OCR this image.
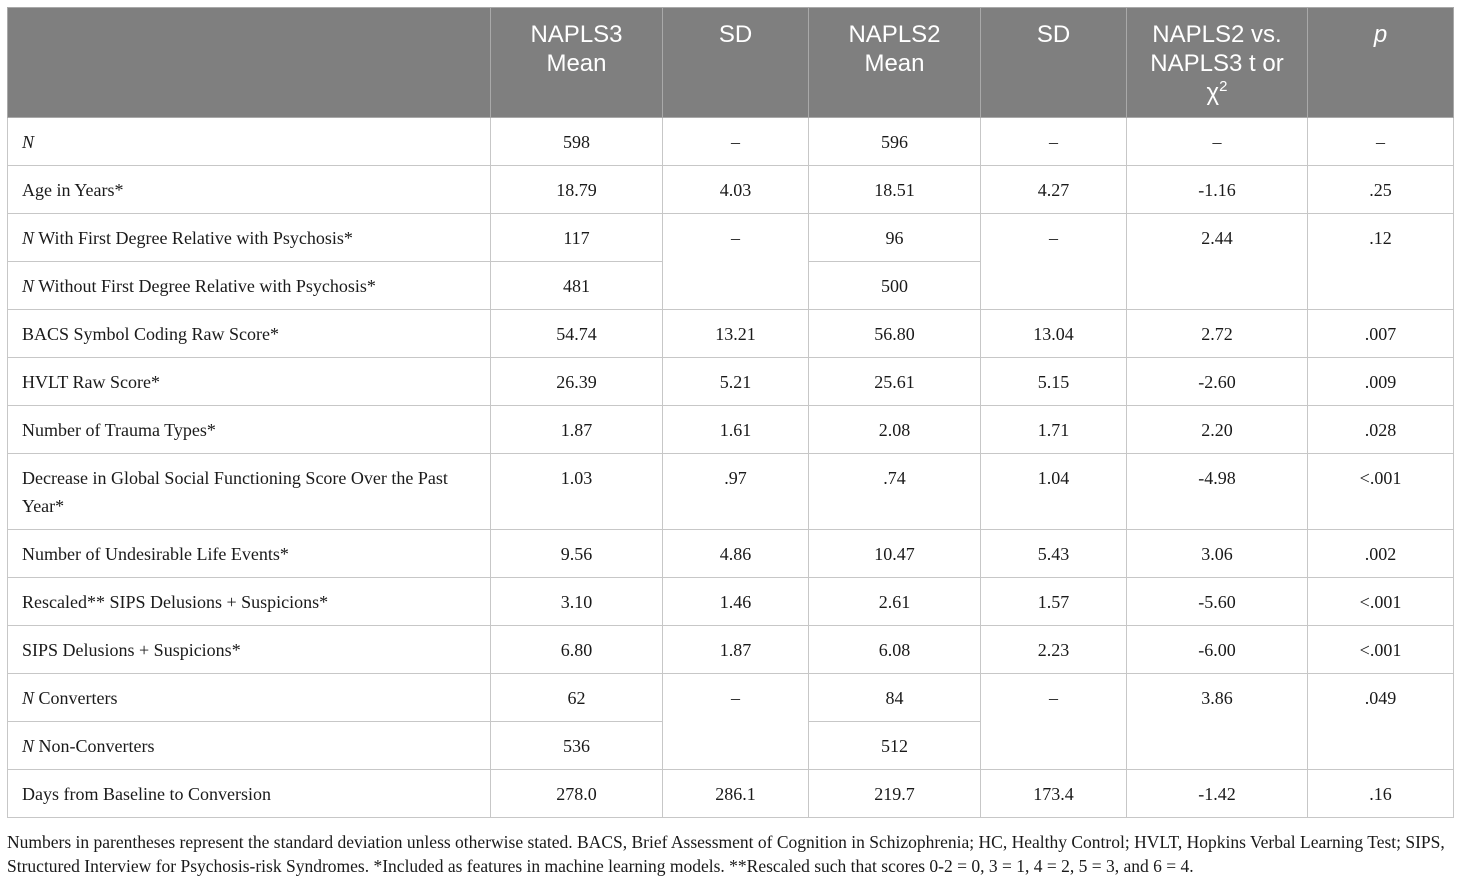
	NAPLS3 Mean	SD	NAPLS2 Mean	SD	NAPLS2 vs. NAPLS3 t or $\chi^2$	p
N	598	–	596	–	–	–
Age in Years*	18.79	4.03	18.51	4.27	-1.16	.25
N With First Degree Relative with Psychosis*	117	–	96	–	2.44	.12
N Without First Degree Relative with Psychosis*	481		500			
BACS Symbol Coding Raw Score*	54.74	13.21	56.80	13.04	2.72	.007
HVLT Raw Score*	26.39	5.21	25.61	5.15	-2.60	.009
Number of Trauma Types*	1.87	1.61	2.08	1.71	2.20	.028
Decrease in Global Social Functioning Score Over the Past Year*	1.03	.97	.74	1.04	-4.98	<.001
Number of Undesirable Life Events*	9.56	4.86	10.47	5.43	3.06	.002
Rescaled** SIPS Delusions + Suspicions*	3.10	1.46	2.61	1.57	-5.60	<.001
SIPS Delusions + Suspicions*	6.80	1.87	6.08	2.23	-6.00	<.001
N Converters	62	–	84	–	3.86	.049
N Non-Converters	536		512			
Days from Baseline to Conversion	278.0	286.1	219.7	173.4	-1.42	.16
Numbers in parentheses represent the standard deviation unless otherwise stated. BACS, Brief Assessment of Cognition in Schizophrenia; HC, Healthy Control; HVLT, Hopkins Verbal Learning Test; SIPS, Structured Interview for Psychosis-risk Syndromes. *Included as features in machine learning models. **Rescaled such that scores 0-2 = 0, 3 = 1, 4 = 2, 5 = 3, and 6 = 4.
